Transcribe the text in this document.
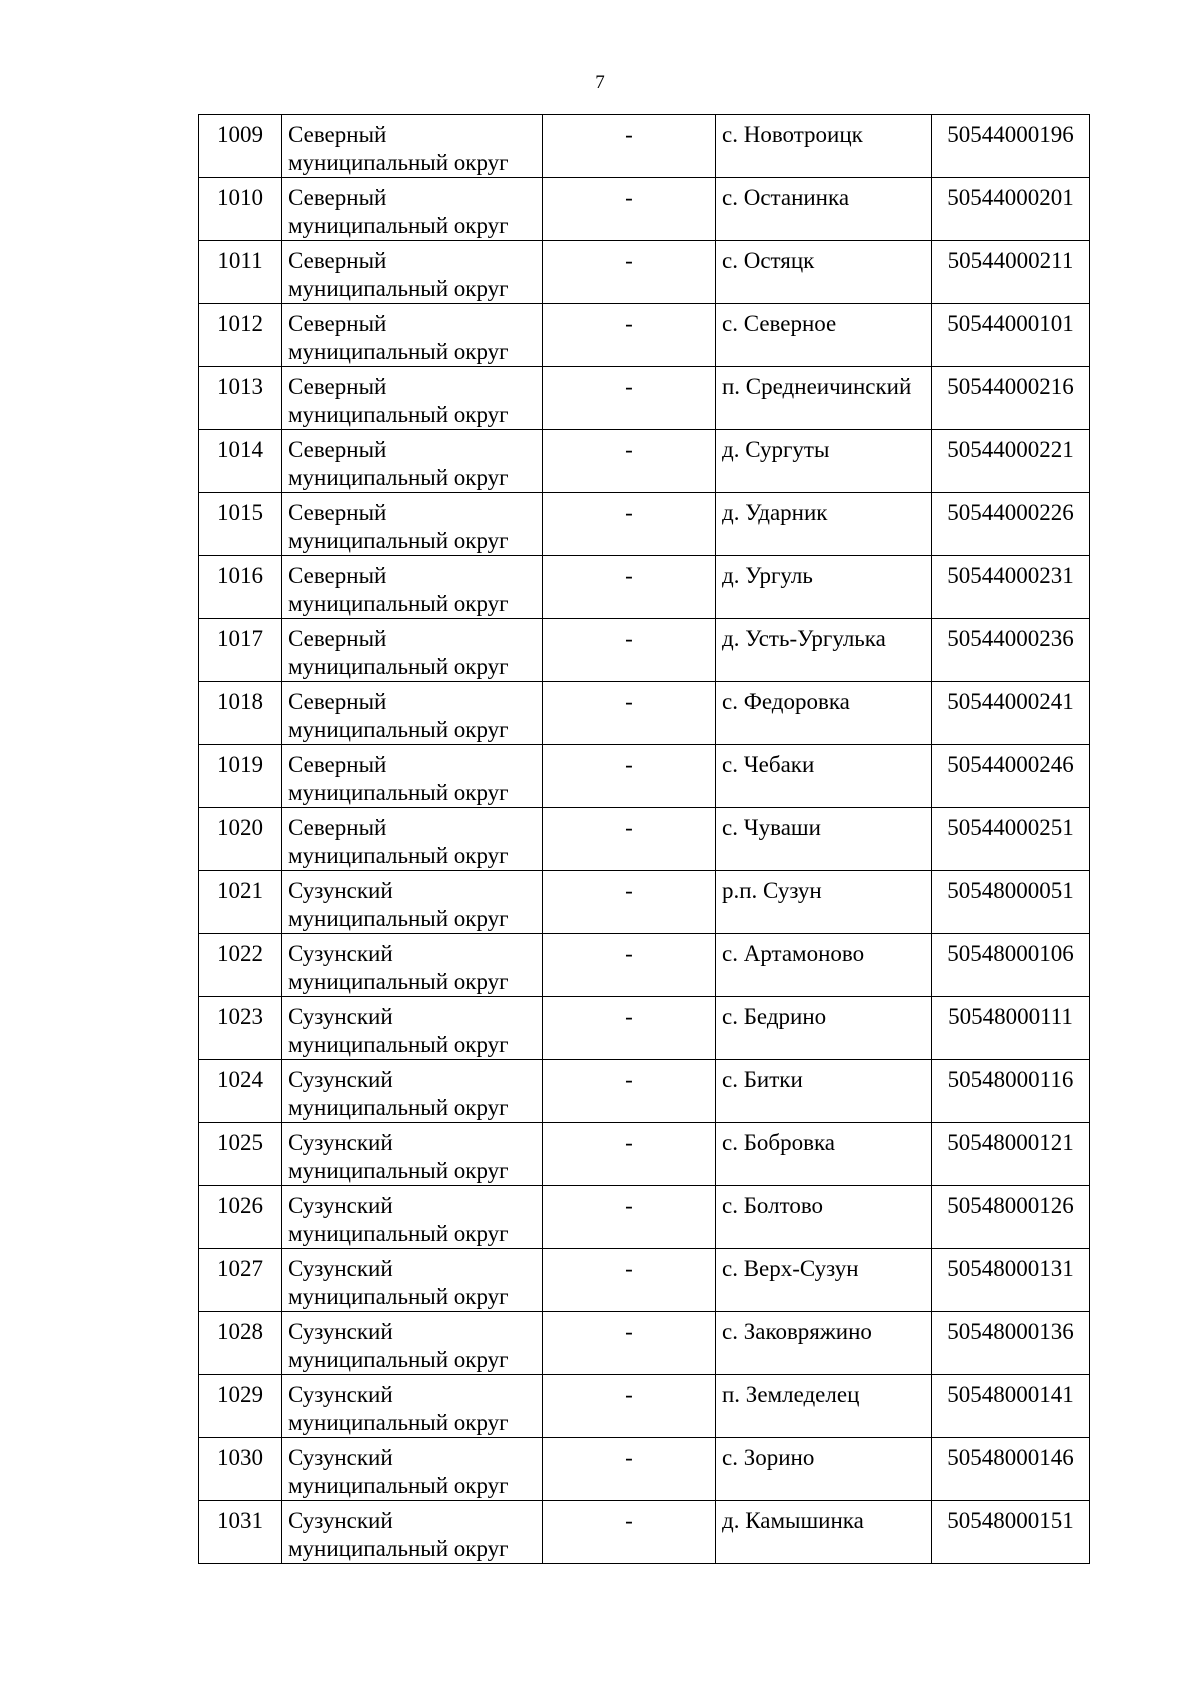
7
1009	Северный муниципальный округ	-	с. Новотроицк	50544000196
1010	Северный муниципальный округ	-	с. Останинка	50544000201
1011	Северный муниципальный округ	-	с. Остяцк	50544000211
1012	Северный муниципальный округ	-	с. Северное	50544000101
1013	Северный муниципальный округ	-	п. Среднеичинский	50544000216
1014	Северный муниципальный округ	-	д. Сургуты	50544000221
1015	Северный муниципальный округ	-	д. Ударник	50544000226
1016	Северный муниципальный округ	-	д. Ургуль	50544000231
1017	Северный муниципальный округ	-	д. Усть-Ургулька	50544000236
1018	Северный муниципальный округ	-	с. Федоровка	50544000241
1019	Северный муниципальный округ	-	с. Чебаки	50544000246
1020	Северный муниципальный округ	-	с. Чуваши	50544000251
1021	Сузунский муниципальный округ	-	р.п. Сузун	50548000051
1022	Сузунский муниципальный округ	-	с. Артамоново	50548000106
1023	Сузунский муниципальный округ	-	с. Бедрино	50548000111
1024	Сузунский муниципальный округ	-	с. Битки	50548000116
1025	Сузунский муниципальный округ	-	с. Бобровка	50548000121
1026	Сузунский муниципальный округ	-	с. Болтово	50548000126
1027	Сузунский муниципальный округ	-	с. Верх-Сузун	50548000131
1028	Сузунский муниципальный округ	-	с. Заковряжино	50548000136
1029	Сузунский муниципальный округ	-	п. Земледелец	50548000141
1030	Сузунский муниципальный округ	-	с. Зорино	50548000146
1031	Сузунский муниципальный округ	-	д. Камышинка	50548000151
